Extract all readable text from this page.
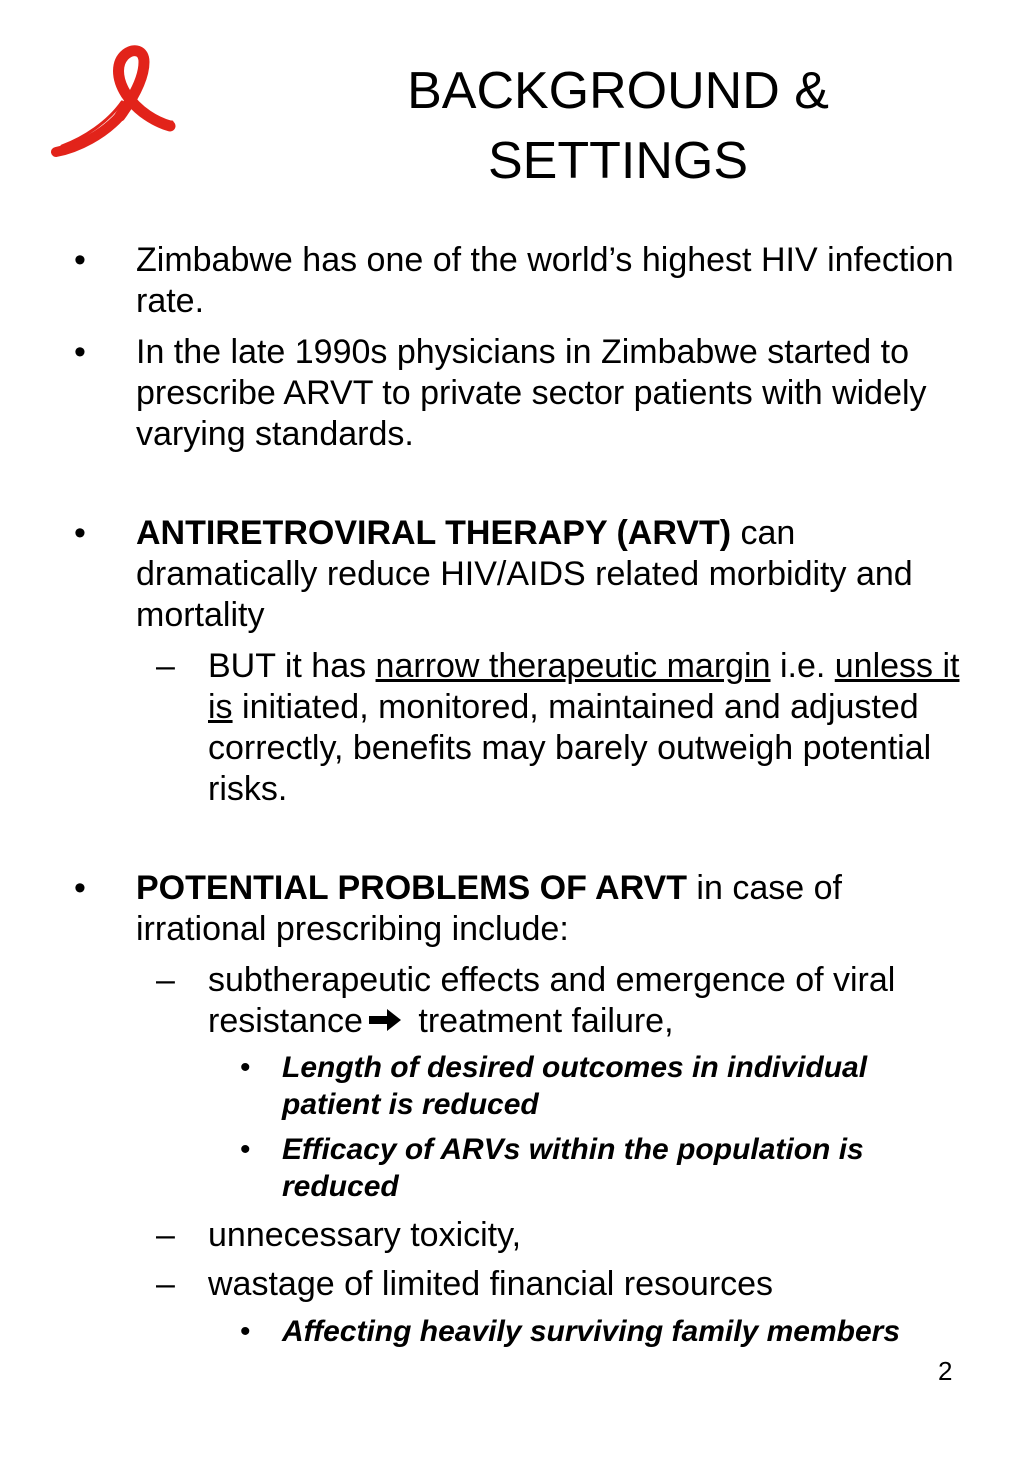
BACKGROUND &
SETTINGS
• Zimbabwe has one of the world’s highest HIV infection rate.
• In the late 1990s physicians in Zimbabwe started to prescribe ARVT to private sector patients with widely varying standards.
• ANTIRETROVIRAL THERAPY (ARVT) can dramatically reduce HIV/AIDS related morbidity and mortality
– BUT it has narrow therapeutic margin i.e. unless it is initiated, monitored, maintained and adjusted correctly, benefits may barely outweigh potential risks.
• POTENTIAL PROBLEMS OF ARVT in case of irrational prescribing include:
– subtherapeutic effects and emergence of viral resistance treatment failure,
• Length of desired outcomes in individual patient is reduced
• Efficacy of ARVs within the population is reduced
– unnecessary toxicity,
– wastage of limited financial resources
• Affecting heavily surviving family members
2
